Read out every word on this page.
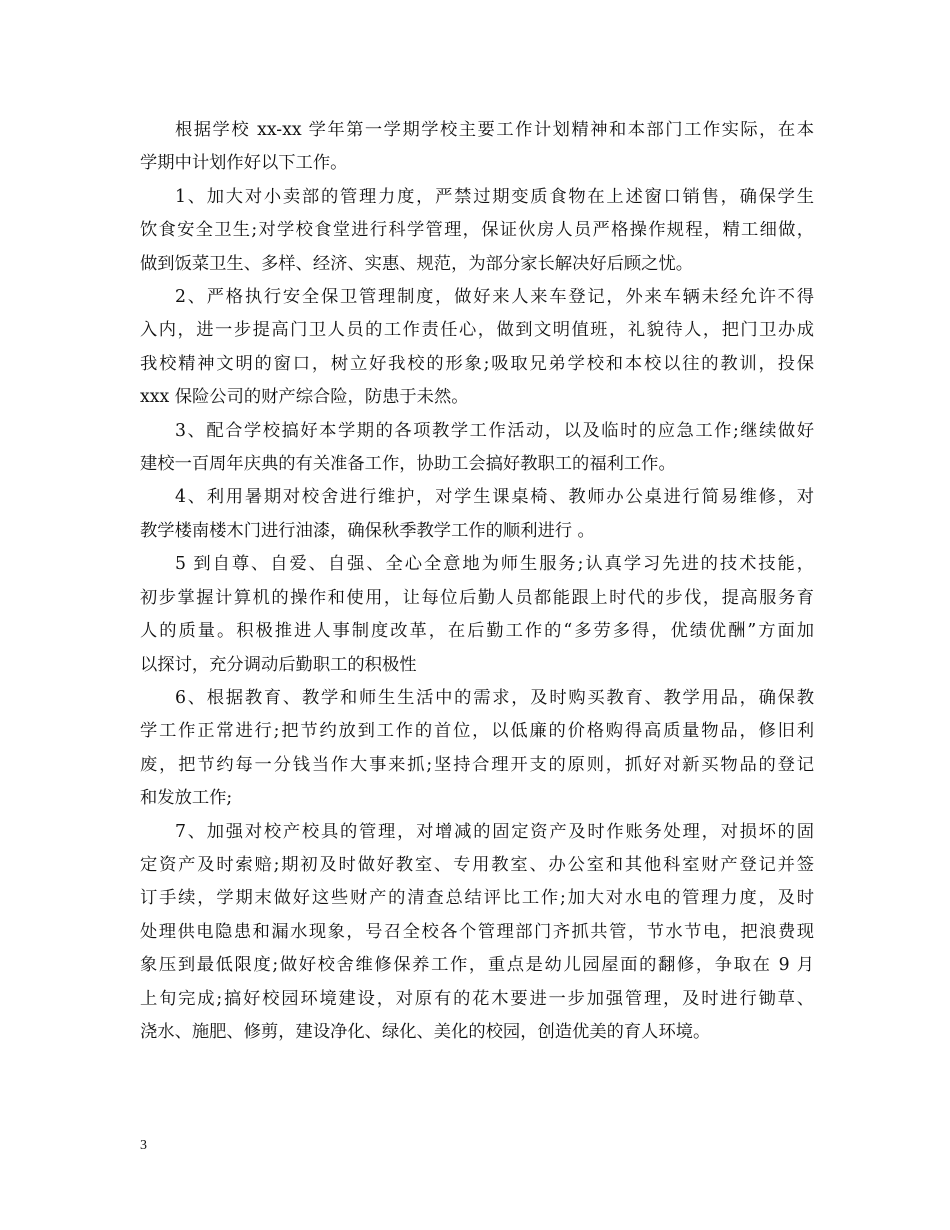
根据学校 xx-xx 学年第一学期学校主要工作计划精神和本部门工作实际，在本
学期中计划作好以下工作。

1、加大对小卖部的管理力度，严禁过期变质食物在上述窗口销售，确保学生
饮食安全卫生;对学校食堂进行科学管理，保证伙房人员严格操作规程，精工细做，
做到饭菜卫生、多样、经济、实惠、规范，为部分家长解决好后顾之忧。

2、严格执行安全保卫管理制度，做好来人来车登记，外来车辆未经允许不得
入内，进一步提高门卫人员的工作责任心，做到文明值班，礼貌待人，把门卫办成
我校精神文明的窗口，树立好我校的形象;吸取兄弟学校和本校以往的教训，投保
xxx 保险公司的财产综合险，防患于未然。

3、配合学校搞好本学期的各项教学工作活动，以及临时的应急工作;继续做好
建校一百周年庆典的有关准备工作，协助工会搞好教职工的福利工作。

4、利用暑期对校舍进行维护，对学生课桌椅、教师办公桌进行简易维修，对
教学楼南楼木门进行油漆，确保秋季教学工作的顺利进行 。

5 到自尊、自爱、自强、全心全意地为师生服务;认真学习先进的技术技能，
初步掌握计算机的操作和使用，让每位后勤人员都能跟上时代的步伐，提高服务育
人的质量。积极推进人事制度改革，在后勤工作的“多劳多得，优绩优酬”方面加
以探讨，充分调动后勤职工的积极性

6、根据教育、教学和师生生活中的需求，及时购买教育、教学用品，确保教
学工作正常进行;把节约放到工作的首位，以低廉的价格购得高质量物品，修旧利
废，把节约每一分钱当作大事来抓;坚持合理开支的原则，抓好对新买物品的登记
和发放工作;

7、加强对校产校具的管理，对增减的固定资产及时作账务处理，对损坏的固
定资产及时索赔;期初及时做好教室、专用教室、办公室和其他科室财产登记并签
订手续，学期末做好这些财产的清查总结评比工作;加大对水电的管理力度，及时
处理供电隐患和漏水现象，号召全校各个管理部门齐抓共管，节水节电，把浪费现
象压到最低限度;做好校舍维修保养工作，重点是幼儿园屋面的翻修，争取在 9 月
上旬完成;搞好校园环境建设，对原有的花木要进一步加强管理，及时进行锄草、
浇水、施肥、修剪，建设净化、绿化、美化的校园，创造优美的育人环境。

3
